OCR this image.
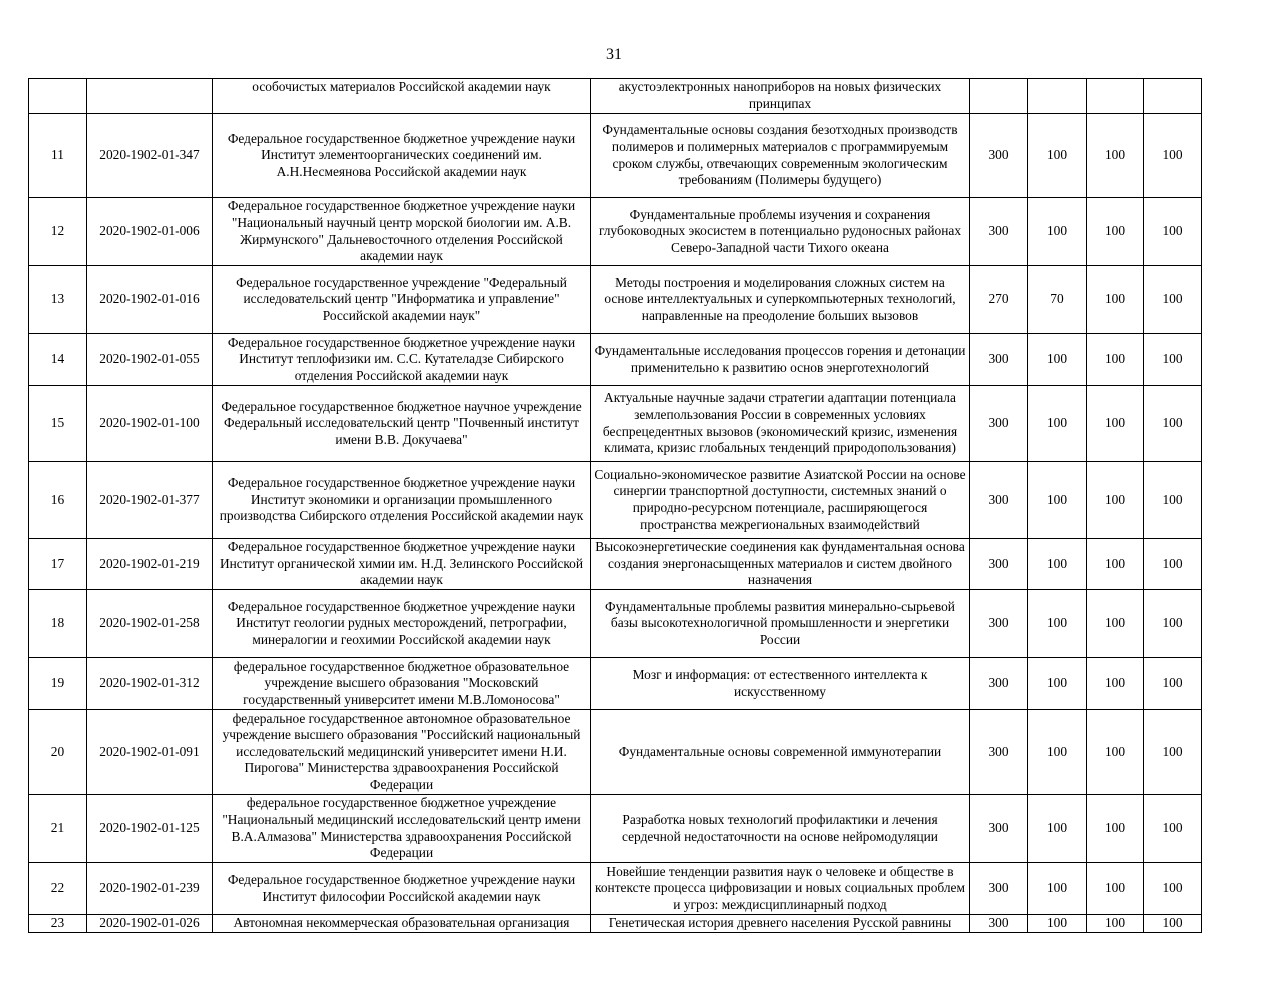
31
		особочистых материалов Российской академии наук	акустоэлектронных наноприборов на новых физических принципах				
11	2020-1902-01-347	Федеральное государственное бюджетное учреждение науки Институт элементоорганических соединений им. А.Н.Несмеянова Российской академии наук	Фундаментальные основы создания безотходных производств полимеров и полимерных материалов с программируемым сроком службы, отвечающих современным экологическим требованиям (Полимеры будущего)	300	100	100	100
12	2020-1902-01-006	Федеральное государственное бюджетное учреждение науки "Национальный научный центр морской биологии им. А.В. Жирмунского" Дальневосточного отделения Российской академии наук	Фундаментальные проблемы изучения и сохранения глубоководных экосистем в потенциально рудоносных районах Северо-Западной части Тихого океана	300	100	100	100
13	2020-1902-01-016	Федеральное государственное учреждение "Федеральный исследовательский центр "Информатика и управление" Российской академии наук"	Методы построения и моделирования сложных систем на основе интеллектуальных и суперкомпьютерных технологий, направленные на преодоление больших вызовов	270	70	100	100
14	2020-1902-01-055	Федеральное государственное бюджетное учреждение науки Институт теплофизики им. С.С. Кутателадзе Сибирского отделения Российской академии наук	Фундаментальные исследования процессов горения и детонации применительно к развитию основ энерготехнологий	300	100	100	100
15	2020-1902-01-100	Федеральное государственное бюджетное научное учреждение Федеральный исследовательский центр "Почвенный институт имени В.В. Докучаева"	Актуальные научные задачи стратегии адаптации потенциала землепользования России в современных условиях беспрецедентных вызовов (экономический кризис, изменения климата, кризис глобальных тенденций природопользования)	300	100	100	100
16	2020-1902-01-377	Федеральное государственное бюджетное учреждение науки Институт экономики и организации промышленного производства Сибирского отделения Российской академии наук	Социально-экономическое развитие Азиатской России на основе синергии транспортной доступности, системных знаний о природно-ресурсном потенциале, расширяющегося пространства межрегиональных взаимодействий	300	100	100	100
17	2020-1902-01-219	Федеральное государственное бюджетное учреждение науки Институт органической химии им. Н.Д. Зелинского Российской академии наук	Высокоэнергетические соединения как фундаментальная основа создания энергонасыщенных материалов и систем двойного назначения	300	100	100	100
18	2020-1902-01-258	Федеральное государственное бюджетное учреждение науки Институт геологии рудных месторождений, петрографии, минералогии и геохимии Российской академии наук	Фундаментальные проблемы развития минерально-сырьевой базы высокотехнологичной промышленности и энергетики России	300	100	100	100
19	2020-1902-01-312	федеральное государственное бюджетное образовательное учреждение высшего образования "Московский государственный университет имени М.В.Ломоносова"	Мозг и информация: от естественного интеллекта к искусственному	300	100	100	100
20	2020-1902-01-091	федеральное государственное автономное образовательное учреждение высшего образования "Российский национальный исследовательский медицинский университет имени Н.И. Пирогова" Министерства здравоохранения Российской Федерации	Фундаментальные основы современной иммунотерапии	300	100	100	100
21	2020-1902-01-125	федеральное государственное бюджетное учреждение "Национальный медицинский исследовательский центр имени В.А.Алмазова" Министерства здравоохранения Российской Федерации	Разработка новых технологий профилактики и лечения сердечной недостаточности на основе нейромодуляции	300	100	100	100
22	2020-1902-01-239	Федеральное государственное бюджетное учреждение науки Институт философии Российской академии наук	Новейшие тенденции развития наук о человеке и обществе в контексте процесса цифровизации и новых социальных проблем и угроз: междисциплинарный подход	300	100	100	100
23	2020-1902-01-026	Автономная некоммерческая образовательная организация	Генетическая история древнего населения Русской равнины	300	100	100	100
